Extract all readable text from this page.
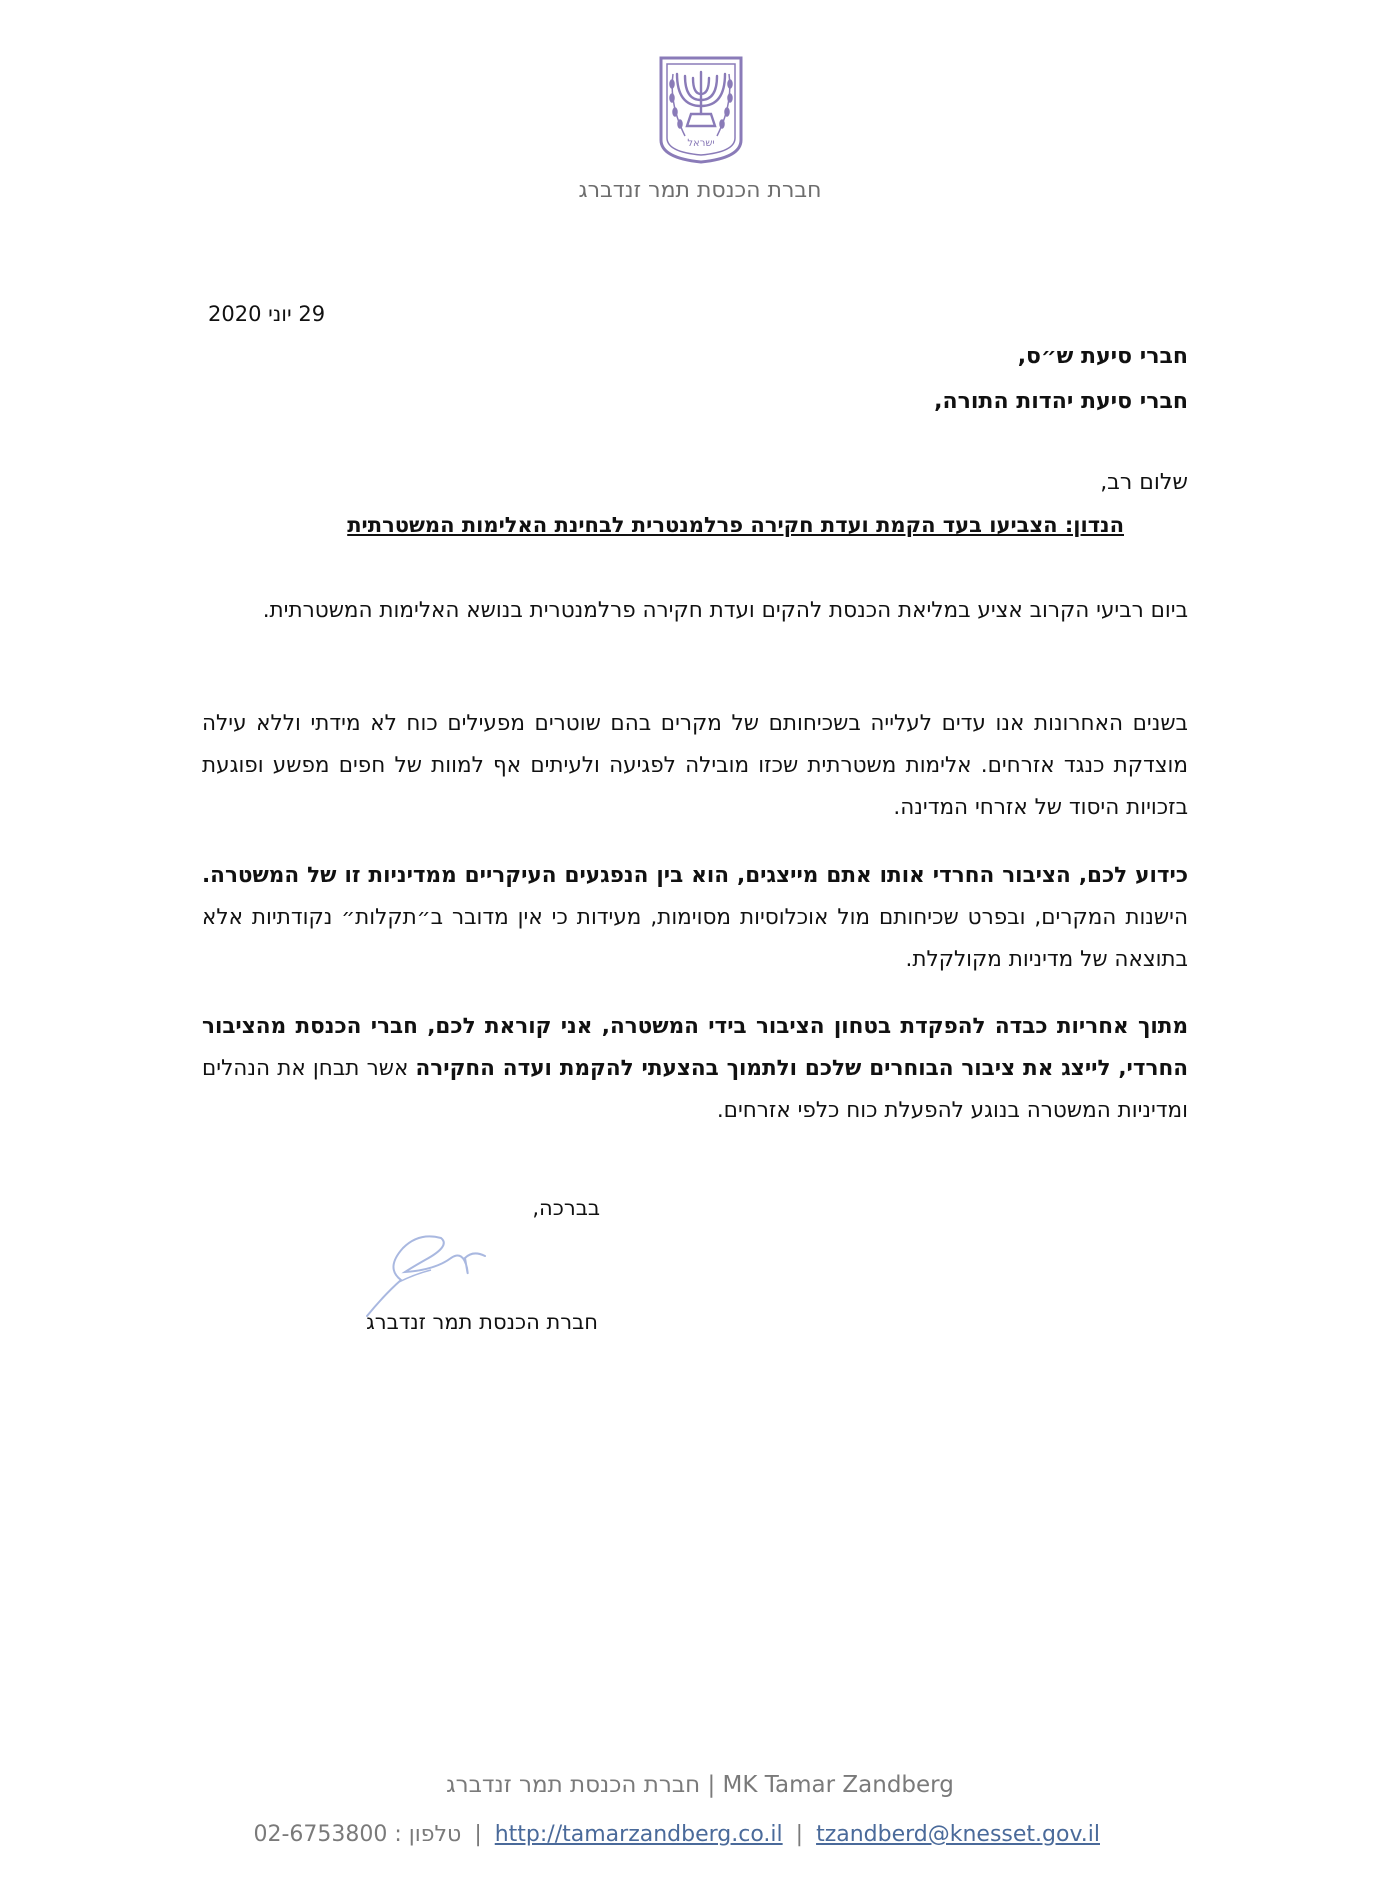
ישראל
חברת הכנסת תמר זנדברג
29 יוני 2020
חברי סיעת ש״ס,
חברי סיעת יהדות התורה,
שלום רב,
הנדון: הצביעו בעד הקמת ועדת חקירה פרלמנטרית לבחינת האלימות המשטרתית
ביום רביעי הקרוב אציע במליאת הכנסת להקים ועדת חקירה פרלמנטרית בנושא האלימות המשטרתית.
בשנים האחרונות אנו עדים לעלייה בשכיחותם של מקרים בהם שוטרים מפעילים כוח לא מידתי וללא עילה מוצדקת כנגד אזרחים. אלימות משטרתית שכזו מובילה לפגיעה ולעיתים אף למוות של חפים מפשע ופוגעת בזכויות היסוד של אזרחי המדינה.
כידוע לכם, הציבור החרדי אותו אתם מייצגים, הוא בין הנפגעים העיקריים ממדיניות זו של המשטרה. הישנות המקרים, ובפרט שכיחותם מול אוכלוסיות מסוימות, מעידות כי אין מדובר ב״תקלות״ נקודתיות אלא בתוצאה של מדיניות מקולקלת.
מתוך אחריות כבדה להפקדת בטחון הציבור בידי המשטרה, אני קוראת לכם, חברי הכנסת מהציבור החרדי, לייצג את ציבור הבוחרים שלכם ולתמוך בהצעתי להקמת ועדה החקירה אשר תבחן את הנהלים ומדיניות המשטרה בנוגע להפעלת כוח כלפי אזרחים.
בברכה,
חברת הכנסת תמר זנדברג
MK Tamar Zandberg | חברת הכנסת תמר זנדברג
http://tamarzandberg.co.il | tzandberd@knesset.gov.il | טלפון : 02-6753800
